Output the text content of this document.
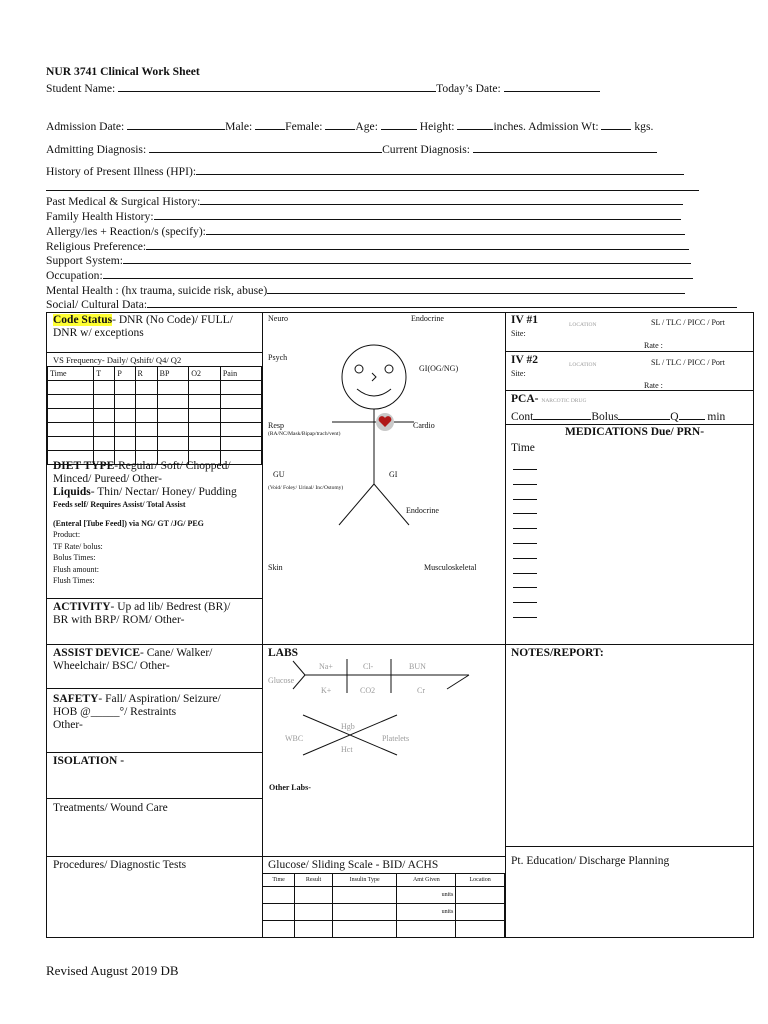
NUR 3741 Clinical Work Sheet
Student Name:	Today’s Date:
Admission Date:	Male:	Female:	Age:	Height:	inches. Admission Wt:	kgs.
Admitting Diagnosis:	Current Diagnosis:
History of Present Illness (HPI):
Past Medical & Surgical History:
Family Health History:
Allergy/ies + Reaction/s (specify):
Religious Preference:
Support System:
Occupation:
Mental Health : (hx trauma, suicide risk, abuse)
Social/ Cultural Data:
Code Status- DNR (No Code)/ FULL/
DNR w/ exceptions
VS Frequency- Daily/ Qshift/ Q4/ Q2
Time	T	P	R	BP	O2	Pain

DIET TYPE-Regular/ Soft/ Chopped/
Minced/ Pureed/ Other-
Liquids- Thin/ Nectar/ Honey/ Pudding
Feeds self/ Requires Assist/ Total Assist
(Enteral [Tube Feed]) via NG/ GT /JG/ PEG
Product:
TF Rate/ bolus:
Bolus Times:
Flush amount:
Flush Times:
ACTIVITY- Up ad lib/ Bedrest (BR)/
BR with BRP/ ROM/ Other-
ASSIST DEVICE- Cane/ Walker/
Wheelchair/ BSC/ Other-
SAFETY- Fall/ Aspiration/ Seizure/
HOB @_____°/ Restraints
Other-
ISOLATION -
Treatments/ Wound Care
Procedures/ Diagnostic Tests
Neuro	Endocrine
Psych
GI(OG/NG)
Resp
(RA/NC/Mask/Bipap/trach/vent)
Cardio
GU
(Void/ Foley/ Urinal/ Inc/Ostomy)
GI
Endocrine
Skin	Musculoskeletal
LABS
Na+	Cl-	BUN
Glucose
K+	CO2	Cr
Hgb
WBC	Platelets
Hct
Other Labs-
Glucose/ Sliding Scale - BID/ ACHS
Time	Result	Insulin Type	Amt Given	Location
			units	
			units	

IV #1	LOCATION	SL / TLC / PICC / Port
Site:
Rate :
IV #2	LOCATION	SL / TLC / PICC / Port
Site:
Rate :
PCA- NARCOTIC DRUG
Cont	Bolus	Q	min
MEDICATIONS Due/ PRN-
Time
NOTES/REPORT:
Pt. Education/ Discharge Planning
Revised August 2019 DB
